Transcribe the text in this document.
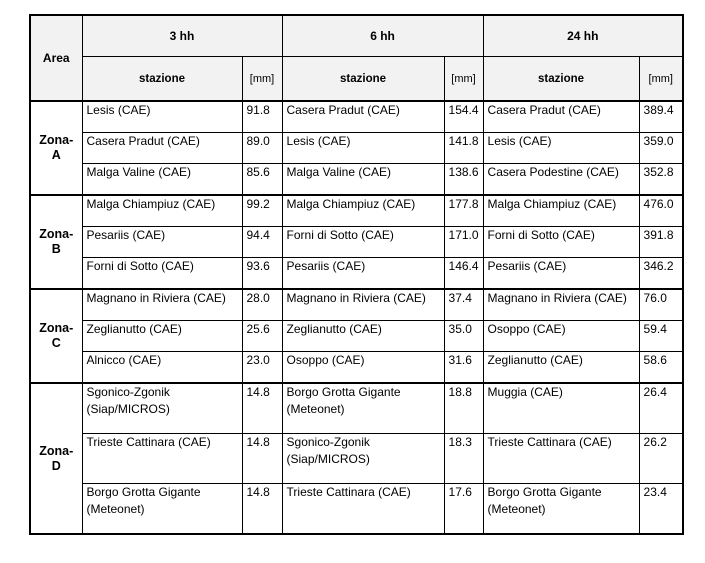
Area	3 hh		6 hh		24 hh	
	stazione	[mm]	stazione	[mm]	stazione	[mm]

Zona-
A	Lesis (CAE)	91.8	Casera Pradut (CAE)	154.4	Casera Pradut (CAE)	389.4
	Casera Pradut (CAE)	89.0	Lesis (CAE)	141.8	Lesis (CAE)	359.0
	Malga Valine (CAE)	85.6	Malga Valine (CAE)	138.6	Casera Podestine (CAE)	352.8

Zona-
B	Malga Chiampiuz (CAE)	99.2	Malga Chiampiuz (CAE)	177.8	Malga Chiampiuz (CAE)	476.0
	Pesariis (CAE)	94.4	Forni di Sotto (CAE)	171.0	Forni di Sotto (CAE)	391.8
	Forni di Sotto (CAE)	93.6	Pesariis (CAE)	146.4	Pesariis (CAE)	346.2

Zona-
C	Magnano in Riviera (CAE)	28.0	Magnano in Riviera (CAE)	37.4	Magnano in Riviera (CAE)	76.0
	Zeglianutto (CAE)	25.6	Zeglianutto (CAE)	35.0	Osoppo (CAE)	59.4
	Alnicco (CAE)	23.0	Osoppo (CAE)	31.6	Zeglianutto (CAE)	58.6

Zona-
D	Sgonico-Zgonik (Siap/MICROS)	14.8	Borgo Grotta Gigante (Meteonet)	18.8	Muggia (CAE)	26.4
	Trieste Cattinara (CAE)	14.8	Sgonico-Zgonik (Siap/MICROS)	18.3	Trieste Cattinara (CAE)	26.2
	Borgo Grotta Gigante (Meteonet)	14.8	Trieste Cattinara (CAE)	17.6	Borgo Grotta Gigante (Meteonet)	23.4
